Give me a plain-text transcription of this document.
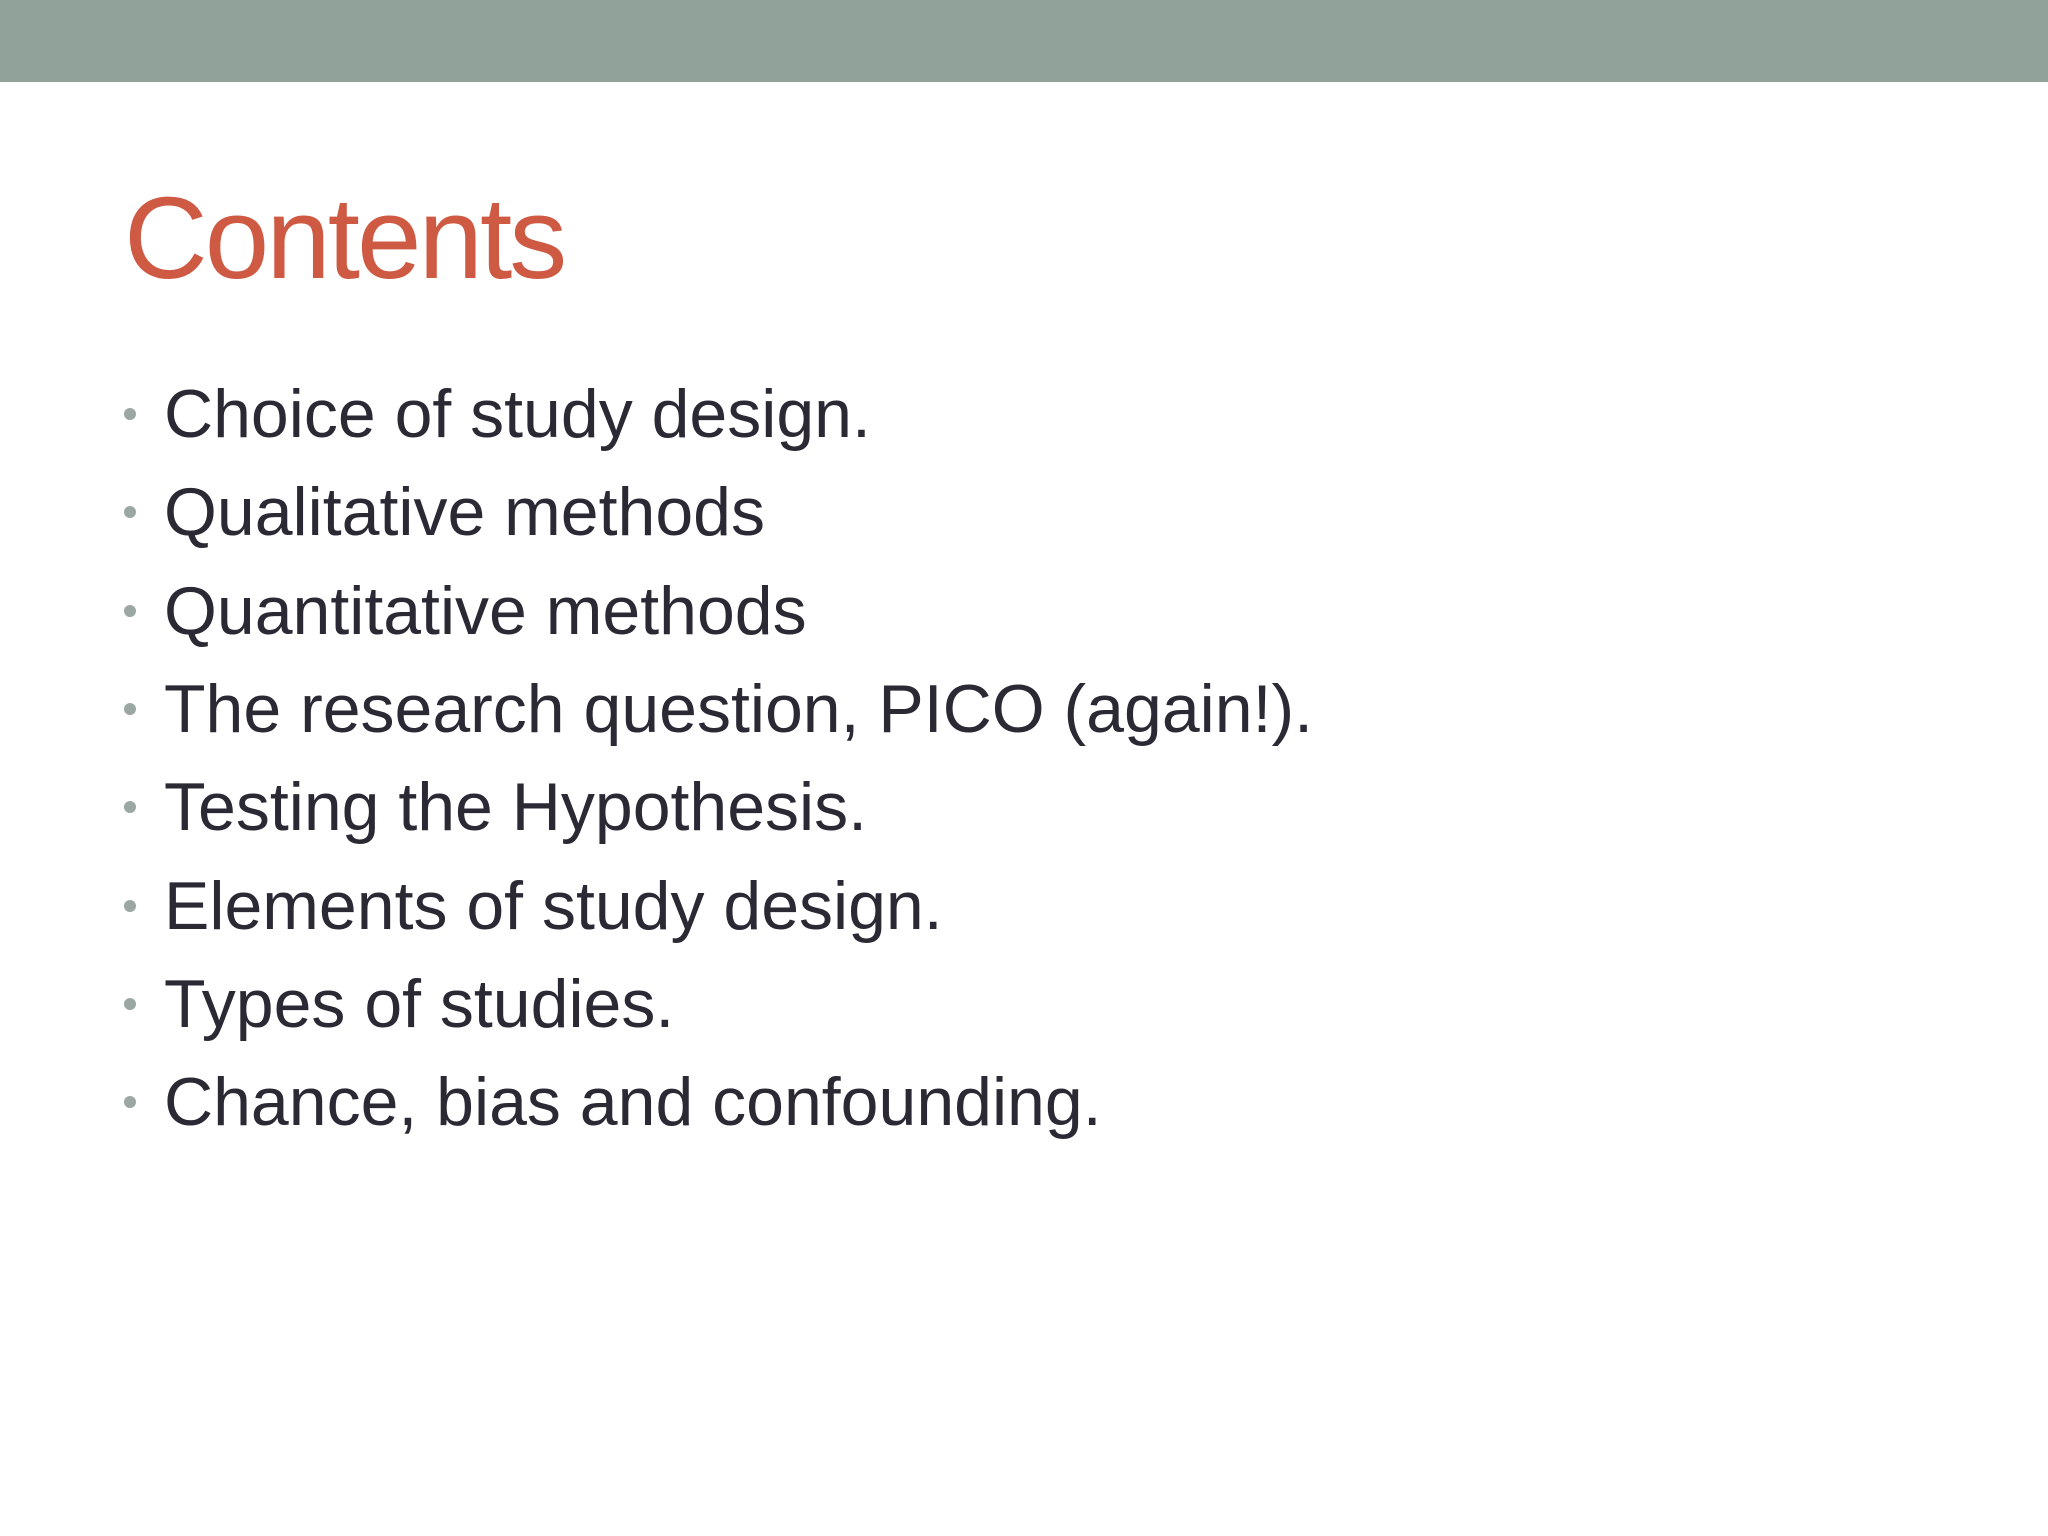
Contents
Choice of study design.
Qualitative methods
Quantitative methods
The research question, PICO (again!).
Testing the Hypothesis.
Elements of study design.
Types of studies.
Chance, bias and confounding.
